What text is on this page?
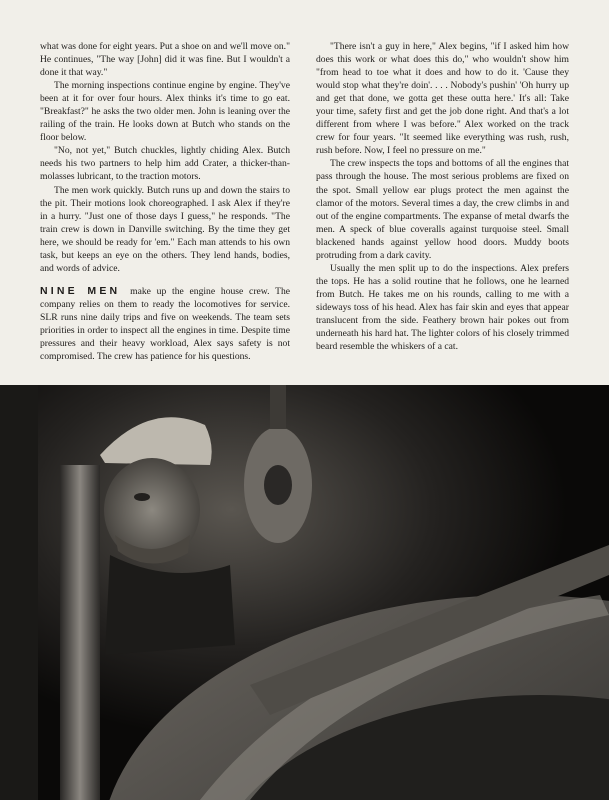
what was done for eight years. Put a shoe on and we'll move on." He continues, "The way [John] did it was fine. But I wouldn't a done it that way."

The morning inspections continue engine by engine. They've been at it for over four hours. Alex thinks it's time to go eat. "Breakfast?" he asks the two older men. John is leaning over the railing of the train. He looks down at Butch who stands on the floor below.

"No, not yet," Butch chuckles, lightly chiding Alex. Butch needs his two partners to help him add Crater, a thicker-than-molasses lubricant, to the traction motors.

The men work quickly. Butch runs up and down the stairs to the pit. Their motions look choreographed. I ask Alex if they're in a hurry. "Just one of those days I guess," he responds. "The train crew is down in Danville switching. By the time they get here, we should be ready for 'em." Each man attends to his own task, but keeps an eye on the others. They lend hands, bodies, and words of advice.

NINE MEN make up the engine house crew. The company relies on them to ready the locomotives for service. SLR runs nine daily trips and five on weekends. The team sets priorities in order to inspect all the engines in time. Despite time pressures and their heavy workload, Alex says safety is not compromised. The crew has patience for his questions.

"There isn't a guy in here," Alex begins, "if I asked him how does this work or what does this do," who wouldn't show him "from head to toe what it does and how to do it. 'Cause they would stop what they're doin'. . . . Nobody's pushin' 'Oh hurry up and get that done, we gotta get these outta here.' It's all: Take your time, safety first and get the job done right. And that's a lot different from where I was before." Alex worked on the track crew for four years. "It seemed like everything was rush, rush, rush before. Now, I feel no pressure on me."

The crew inspects the tops and bottoms of all the engines that pass through the house. The most serious problems are fixed on the spot. Small yellow ear plugs protect the men against the clamor of the motors. Several times a day, the crew climbs in and out of the engine compartments. The expanse of metal dwarfs the men. A speck of blue coveralls against turquoise steel. Small blackened hands against yellow hood doors. Muddy boots protruding from a dark cavity.

Usually the men split up to do the inspections. Alex prefers the tops. He has a solid routine that he follows, one he learned from Butch. He takes me on his rounds, calling to me with a sideways toss of his head. Alex has fair skin and eyes that appear translucent from the side. Feathery brown hair pokes out from underneath his hard hat. The lighter colors of his closely trimmed beard resemble the whiskers of a cat.
